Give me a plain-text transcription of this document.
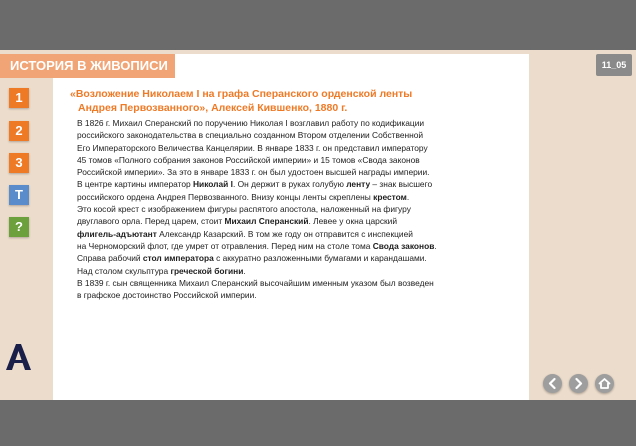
ИСТОРИЯ В ЖИВОПИСИ	11_05
1
2
3
Т
?
м
«Возложение Николаем I на графа Сперанского орденской ленты
Андрея Первозванного», Алексей Кившенко, 1880 г.
В 1826 г. Михаил Сперанский по поручению Николая I возглавил работу по кодификации
российского законодательства в специально созданном Втором отделении Собственной
Его Императорского Величества Канцелярии. В январе 1833 г. он представил императору
45 томов «Полного собрания законов Российской империи» и 15 томов «Свода законов
Российской империи». За это в январе 1833 г. он был удостоен высшей награды империи.
В центре картины император Николай I. Он держит в руках голубую ленту – знак высшего
российского ордена Андрея Первозванного. Внизу концы ленты скреплены крестом.
Это косой крест с изображением фигуры распятого апостола, наложенный на фигуру
двуглавого орла. Перед царем, стоит Михаил Сперанский. Левее у окна царский
флигель-адъютант Александр Казарский. В том же году он отправится с инспекцией
на Черноморский флот, где умрет от отравления. Перед ним на столе тома Свода законов.
Справа рабочий стол императора с аккуратно разложенными бумагами и карандашами.
Над столом скульптура греческой богини.
В 1839 г. сын священника Михаил Сперанский высочайшим именным указом был возведен
в графское достоинство Российской империи.
